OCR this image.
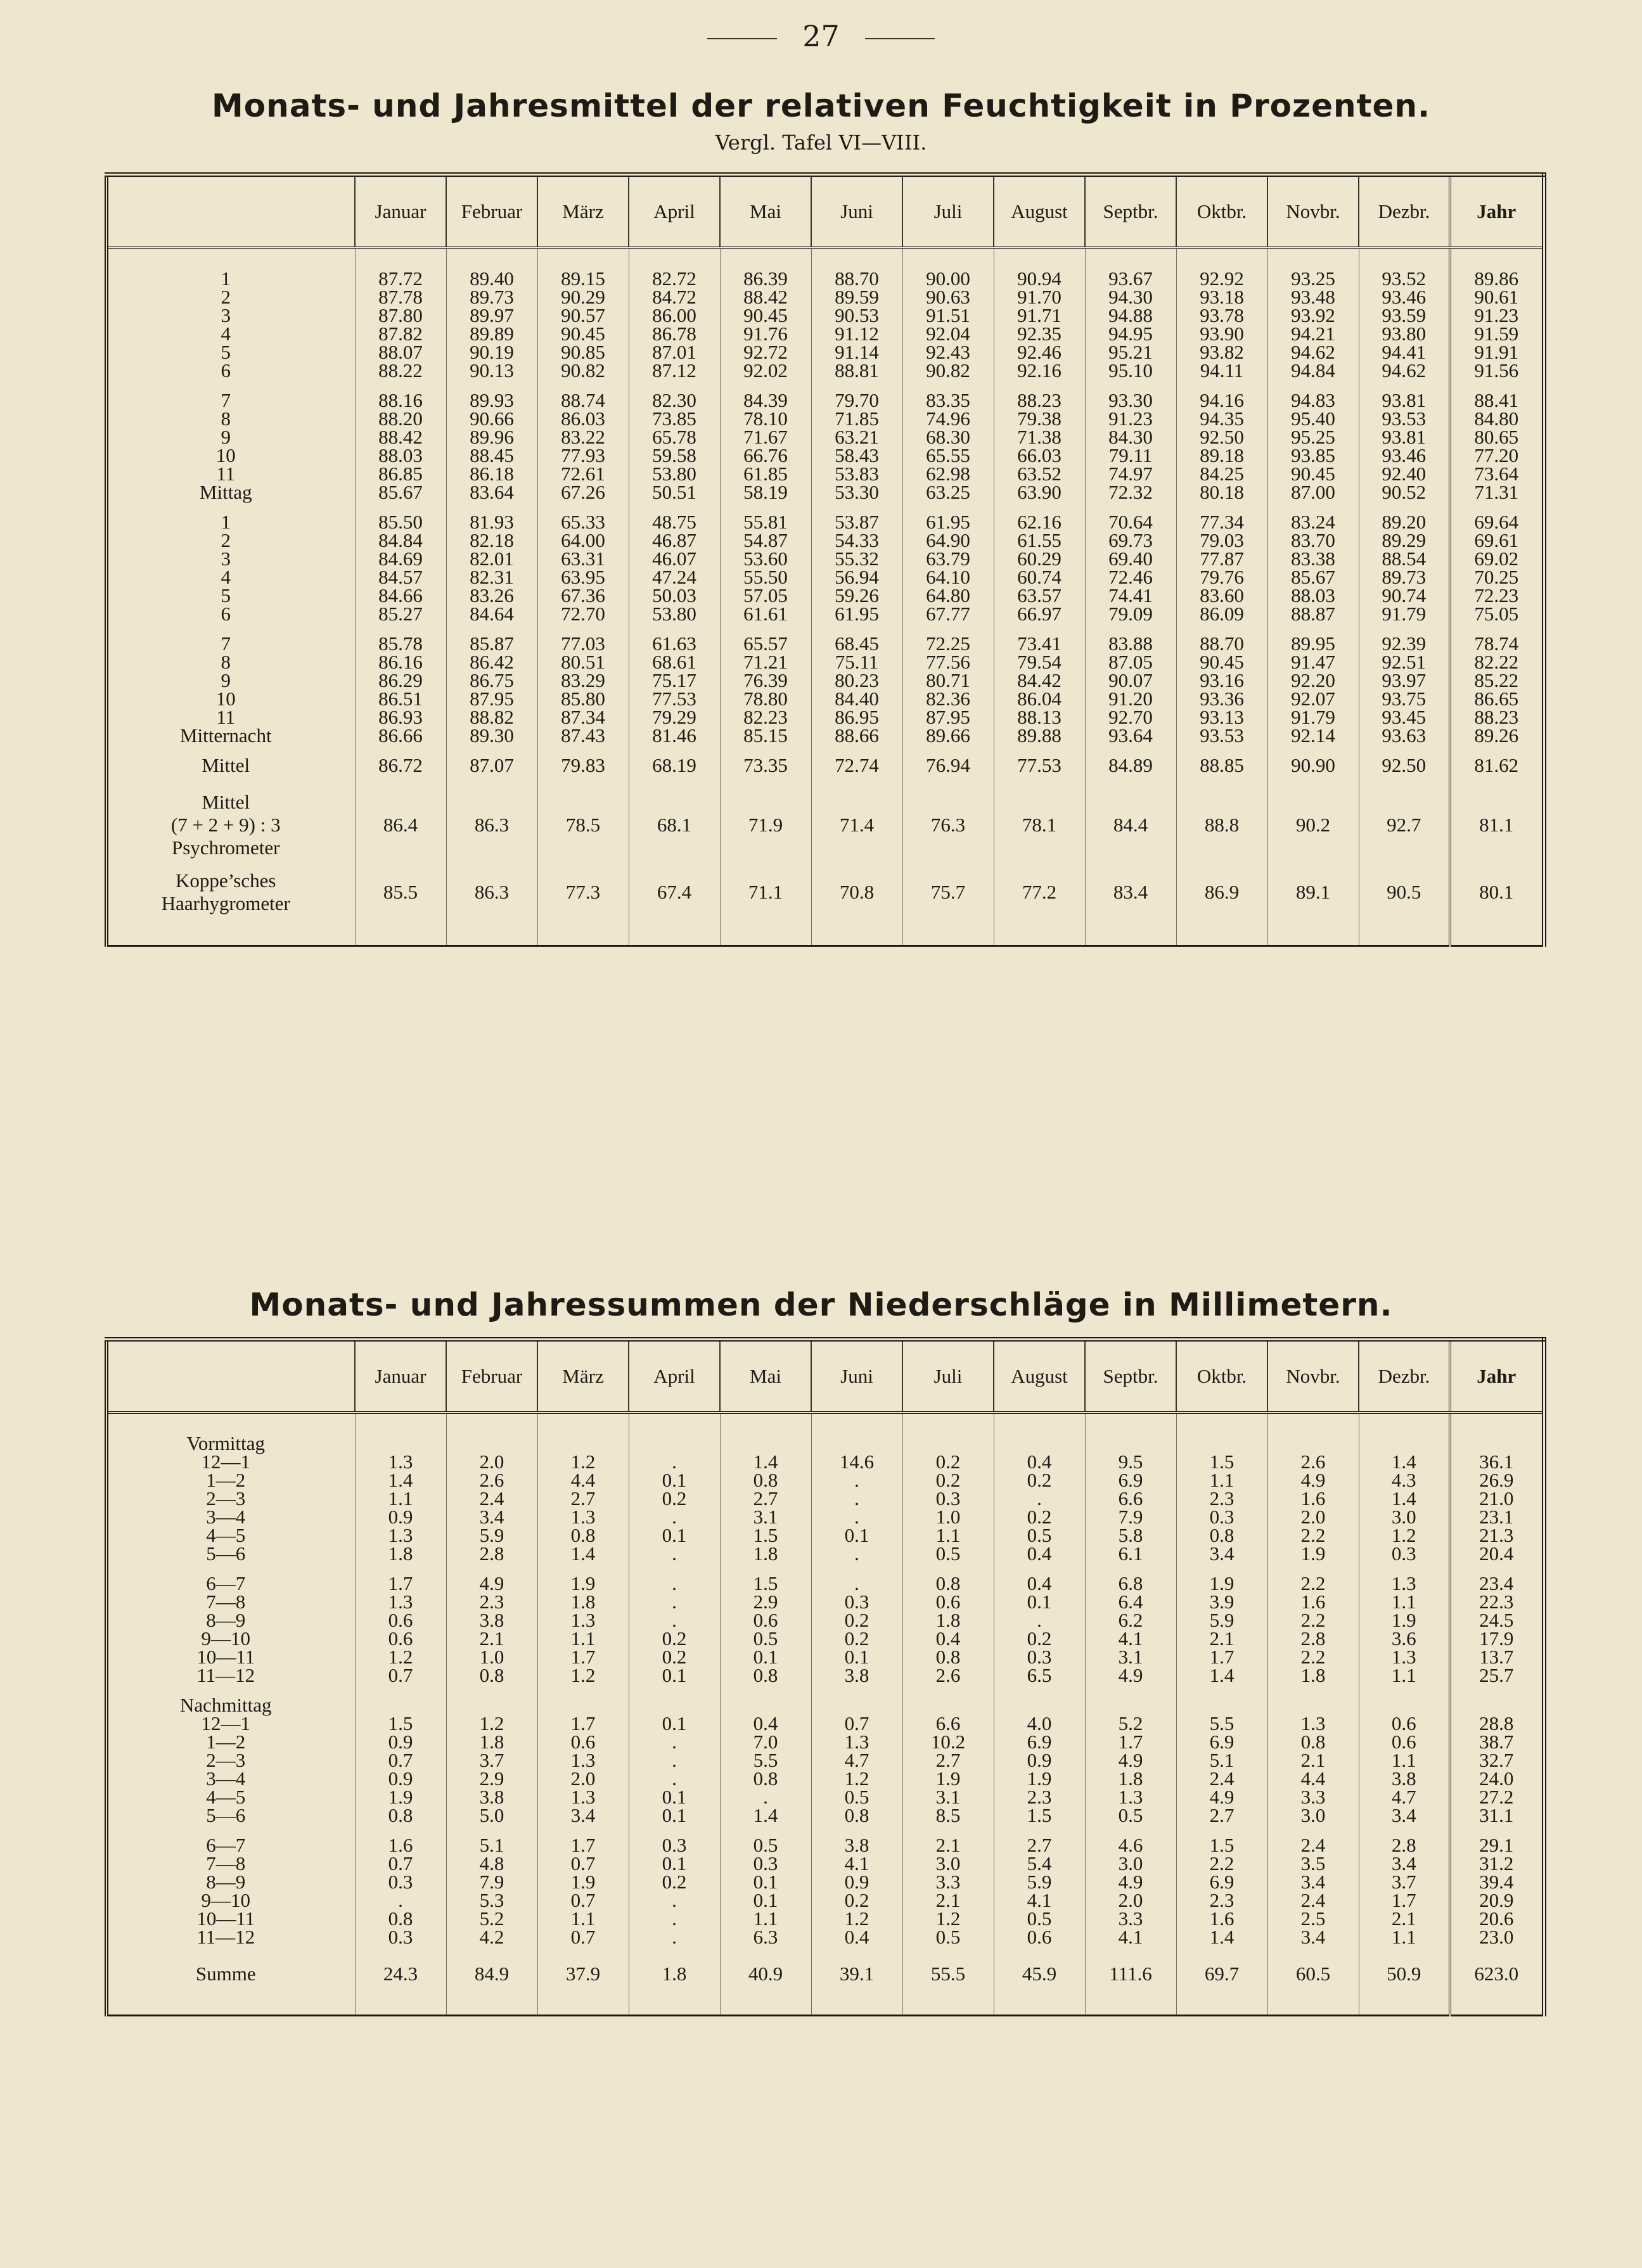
27
Monats- und Jahresmittel der relativen Feuchtigkeit in Prozenten.
Vergl. Tafel VI—VIII.
	Januar	Februar	März	April	Mai	Juni	Juli	August	Septbr.	Oktbr.	Novbr.	Dezbr.	Jahr

1	87.72	89.40	89.15	82.72	86.39	88.70	90.00	90.94	93.67	92.92	93.25	93.52	89.86
2	87.78	89.73	90.29	84.72	88.42	89.59	90.63	91.70	94.30	93.18	93.48	93.46	90.61
3	87.80	89.97	90.57	86.00	90.45	90.53	91.51	91.71	94.88	93.78	93.92	93.59	91.23
4	87.82	89.89	90.45	86.78	91.76	91.12	92.04	92.35	94.95	93.90	94.21	93.80	91.59
5	88.07	90.19	90.85	87.01	92.72	91.14	92.43	92.46	95.21	93.82	94.62	94.41	91.91
6	88.22	90.13	90.82	87.12	92.02	88.81	90.82	92.16	95.10	94.11	94.84	94.62	91.56

7	88.16	89.93	88.74	82.30	84.39	79.70	83.35	88.23	93.30	94.16	94.83	93.81	88.41
8	88.20	90.66	86.03	73.85	78.10	71.85	74.96	79.38	91.23	94.35	95.40	93.53	84.80
9	88.42	89.96	83.22	65.78	71.67	63.21	68.30	71.38	84.30	92.50	95.25	93.81	80.65
10	88.03	88.45	77.93	59.58	66.76	58.43	65.55	66.03	79.11	89.18	93.85	93.46	77.20
11	86.85	86.18	72.61	53.80	61.85	53.83	62.98	63.52	74.97	84.25	90.45	92.40	73.64
Mittag	85.67	83.64	67.26	50.51	58.19	53.30	63.25	63.90	72.32	80.18	87.00	90.52	71.31

1	85.50	81.93	65.33	48.75	55.81	53.87	61.95	62.16	70.64	77.34	83.24	89.20	69.64
2	84.84	82.18	64.00	46.87	54.87	54.33	64.90	61.55	69.73	79.03	83.70	89.29	69.61
3	84.69	82.01	63.31	46.07	53.60	55.32	63.79	60.29	69.40	77.87	83.38	88.54	69.02
4	84.57	82.31	63.95	47.24	55.50	56.94	64.10	60.74	72.46	79.76	85.67	89.73	70.25
5	84.66	83.26	67.36	50.03	57.05	59.26	64.80	63.57	74.41	83.60	88.03	90.74	72.23
6	85.27	84.64	72.70	53.80	61.61	61.95	67.77	66.97	79.09	86.09	88.87	91.79	75.05

7	85.78	85.87	77.03	61.63	65.57	68.45	72.25	73.41	83.88	88.70	89.95	92.39	78.74
8	86.16	86.42	80.51	68.61	71.21	75.11	77.56	79.54	87.05	90.45	91.47	92.51	82.22
9	86.29	86.75	83.29	75.17	76.39	80.23	80.71	84.42	90.07	93.16	92.20	93.97	85.22
10	86.51	87.95	85.80	77.53	78.80	84.40	82.36	86.04	91.20	93.36	92.07	93.75	86.65
11	86.93	88.82	87.34	79.29	82.23	86.95	87.95	88.13	92.70	93.13	91.79	93.45	88.23
Mitternacht	86.66	89.30	87.43	81.46	85.15	88.66	89.66	89.88	93.64	93.53	92.14	93.63	89.26
Mittel	86.72	87.07	79.83	68.19	73.35	72.74	76.94	77.53	84.89	88.85	90.90	92.50	81.62

Mittel
(7 + 2 + 9) : 3
Psychrometer	86.4	86.3	78.5	68.1	71.9	71.4	76.3	78.1	84.4	88.8	90.2	92.7	81.1

Koppe’sches
Haarhygrometer	85.5	86.3	77.3	67.4	71.1	70.8	75.7	77.2	83.4	86.9	89.1	90.5	80.1

Monats- und Jahressummen der Niederschläge in Millimetern.
	Januar	Februar	März	April	Mai	Juni	Juli	August	Septbr.	Oktbr.	Novbr.	Dezbr.	Jahr

Vormittag													
12—1	1.3	2.0	1.2	.	1.4	14.6	0.2	0.4	9.5	1.5	2.6	1.4	36.1
1—2	1.4	2.6	4.4	0.1	0.8	.	0.2	0.2	6.9	1.1	4.9	4.3	26.9
2—3	1.1	2.4	2.7	0.2	2.7	.	0.3	.	6.6	2.3	1.6	1.4	21.0
3—4	0.9	3.4	1.3	.	3.1	.	1.0	0.2	7.9	0.3	2.0	3.0	23.1
4—5	1.3	5.9	0.8	0.1	1.5	0.1	1.1	0.5	5.8	0.8	2.2	1.2	21.3
5—6	1.8	2.8	1.4	.	1.8	.	0.5	0.4	6.1	3.4	1.9	0.3	20.4

6—7	1.7	4.9	1.9	.	1.5	.	0.8	0.4	6.8	1.9	2.2	1.3	23.4
7—8	1.3	2.3	1.8	.	2.9	0.3	0.6	0.1	6.4	3.9	1.6	1.1	22.3
8—9	0.6	3.8	1.3	.	0.6	0.2	1.8	.	6.2	5.9	2.2	1.9	24.5
9—10	0.6	2.1	1.1	0.2	0.5	0.2	0.4	0.2	4.1	2.1	2.8	3.6	17.9
10—11	1.2	1.0	1.7	0.2	0.1	0.1	0.8	0.3	3.1	1.7	2.2	1.3	13.7
11—12	0.7	0.8	1.2	0.1	0.8	3.8	2.6	6.5	4.9	1.4	1.8	1.1	25.7

Nachmittag													
12—1	1.5	1.2	1.7	0.1	0.4	0.7	6.6	4.0	5.2	5.5	1.3	0.6	28.8
1—2	0.9	1.8	0.6	.	7.0	1.3	10.2	6.9	1.7	6.9	0.8	0.6	38.7
2—3	0.7	3.7	1.3	.	5.5	4.7	2.7	0.9	4.9	5.1	2.1	1.1	32.7
3—4	0.9	2.9	2.0	.	0.8	1.2	1.9	1.9	1.8	2.4	4.4	3.8	24.0
4—5	1.9	3.8	1.3	0.1	.	0.5	3.1	2.3	1.3	4.9	3.3	4.7	27.2
5—6	0.8	5.0	3.4	0.1	1.4	0.8	8.5	1.5	0.5	2.7	3.0	3.4	31.1

6—7	1.6	5.1	1.7	0.3	0.5	3.8	2.1	2.7	4.6	1.5	2.4	2.8	29.1
7—8	0.7	4.8	0.7	0.1	0.3	4.1	3.0	5.4	3.0	2.2	3.5	3.4	31.2
8—9	0.3	7.9	1.9	0.2	0.1	0.9	3.3	5.9	4.9	6.9	3.4	3.7	39.4
9—10	.	5.3	0.7	.	0.1	0.2	2.1	4.1	2.0	2.3	2.4	1.7	20.9
10—11	0.8	5.2	1.1	.	1.1	1.2	1.2	0.5	3.3	1.6	2.5	2.1	20.6
11—12	0.3	4.2	0.7	.	6.3	0.4	0.5	0.6	4.1	1.4	3.4	1.1	23.0

Summe	24.3	84.9	37.9	1.8	40.9	39.1	55.5	45.9	111.6	69.7	60.5	50.9	623.0
